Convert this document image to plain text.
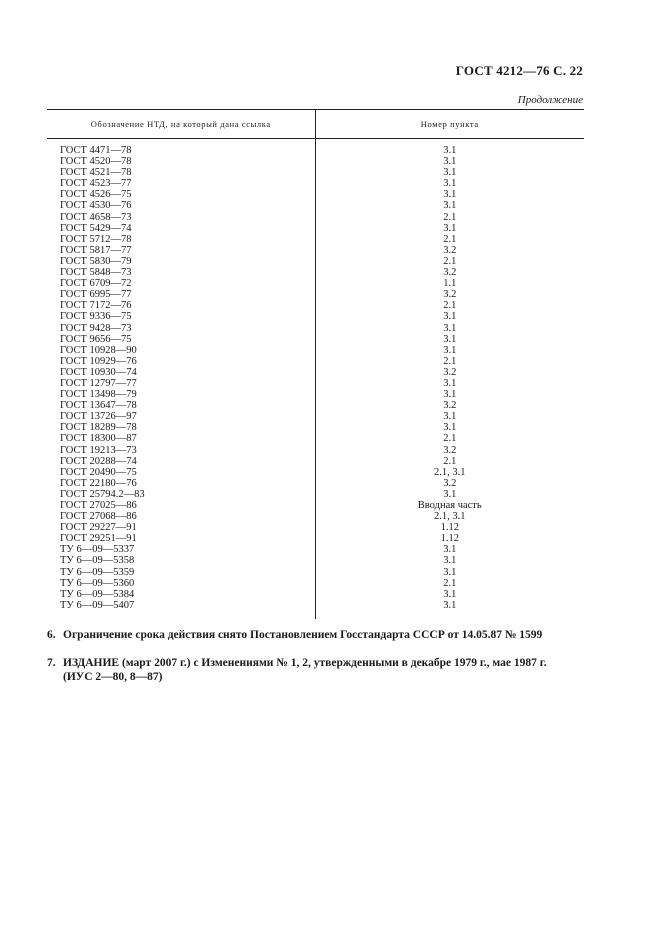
ГОСТ 4212—76 С. 22
Продолжение
Обозначение НТД, на который дана ссылка	Номер пункта

ГОСТ 4471—78	3.1
ГОСТ 4520—78	3.1
ГОСТ 4521—78	3.1
ГОСТ 4523—77	3.1
ГОСТ 4526—75	3.1
ГОСТ 4530—76	3.1
ГОСТ 4658—73	2.1
ГОСТ 5429—74	3.1
ГОСТ 5712—78	2.1
ГОСТ 5817—77	3.2
ГОСТ 5830—79	2.1
ГОСТ 5848—73	3.2
ГОСТ 6709—72	1.1
ГОСТ 6995—77	3.2
ГОСТ 7172—76	2.1
ГОСТ 9336—75	3.1
ГОСТ 9428—73	3.1
ГОСТ 9656—75	3.1
ГОСТ 10928—90	3.1
ГОСТ 10929—76	2.1
ГОСТ 10930—74	3.2
ГОСТ 12797—77	3.1
ГОСТ 13498—79	3.1
ГОСТ 13647—78	3.2
ГОСТ 13726—97	3.1
ГОСТ 18289—78	3.1
ГОСТ 18300—87	2.1
ГОСТ 19213—73	3.2
ГОСТ 20288—74	2.1
ГОСТ 20490—75	2.1, 3.1
ГОСТ 22180—76	3.2
ГОСТ 25794.2—83	3.1
ГОСТ 27025—86	Вводная часть
ГОСТ 27068—86	2.1, 3.1
ГОСТ 29227—91	1.12
ГОСТ 29251—91	1.12
ТУ 6—09—5337	3.1
ТУ 6—09—5358	3.1
ТУ 6—09—5359	3.1
ТУ 6—09—5360	2.1
ТУ 6—09—5384	3.1
ТУ 6—09—5407	3.1
6. Ограничение срока действия снято Постановлением Госстандарта СССР от 14.05.87 № 1599
7. ИЗДАНИЕ (март 2007 г.) с Изменениями № 1, 2, утвержденными в декабре 1979 г., мае 1987 г.
(ИУС 2—80, 8—87)
